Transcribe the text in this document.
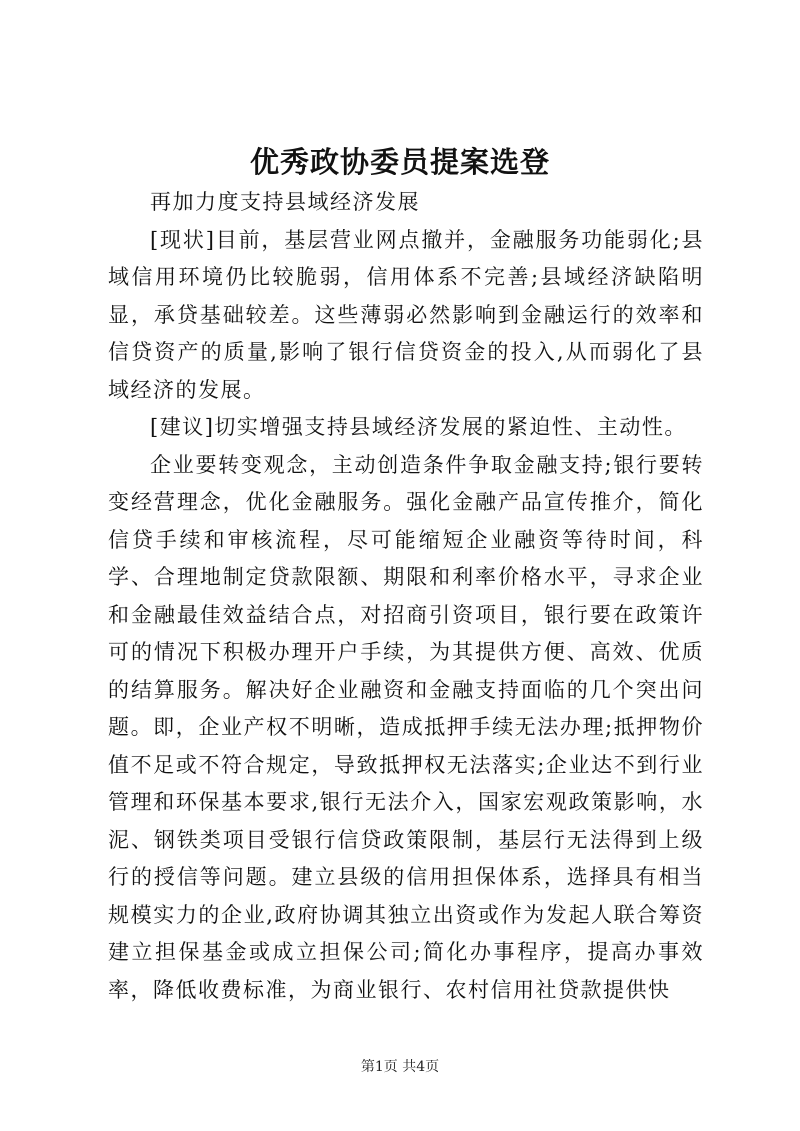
优秀政协委员提案选登

再加力度支持县域经济发展

[现状]目前，基层营业网点撤并，金融服务功能弱化;县域信用环境仍比较脆弱，信用体系不完善;县域经济缺陷明显，承贷基础较差。这些薄弱必然影响到金融运行的效率和信贷资产的质量,影响了银行信贷资金的投入,从而弱化了县域经济的发展。

[建议]切实增强支持县域经济发展的紧迫性、主动性。

企业要转变观念，主动创造条件争取金融支持;银行要转变经营理念，优化金融服务。强化金融产品宣传推介，简化信贷手续和审核流程，尽可能缩短企业融资等待时间，科学、合理地制定贷款限额、期限和利率价格水平，寻求企业和金融最佳效益结合点，对招商引资项目，银行要在政策许可的情况下积极办理开户手续，为其提供方便、高效、优质的结算服务。解决好企业融资和金融支持面临的几个突出问题。即，企业产权不明晰，造成抵押手续无法办理;抵押物价值不足或不符合规定，导致抵押权无法落实;企业达不到行业管理和环保基本要求,银行无法介入，国家宏观政策影响，水泥、钢铁类项目受银行信贷政策限制，基层行无法得到上级行的授信等问题。建立县级的信用担保体系，选择具有相当规模实力的企业,政府协调其独立出资或作为发起人联合筹资建立担保基金或成立担保公司;简化办事程序，提高办事效率，降低收费标准，为商业银行、农村信用社贷款提供快

第1页 共4页
